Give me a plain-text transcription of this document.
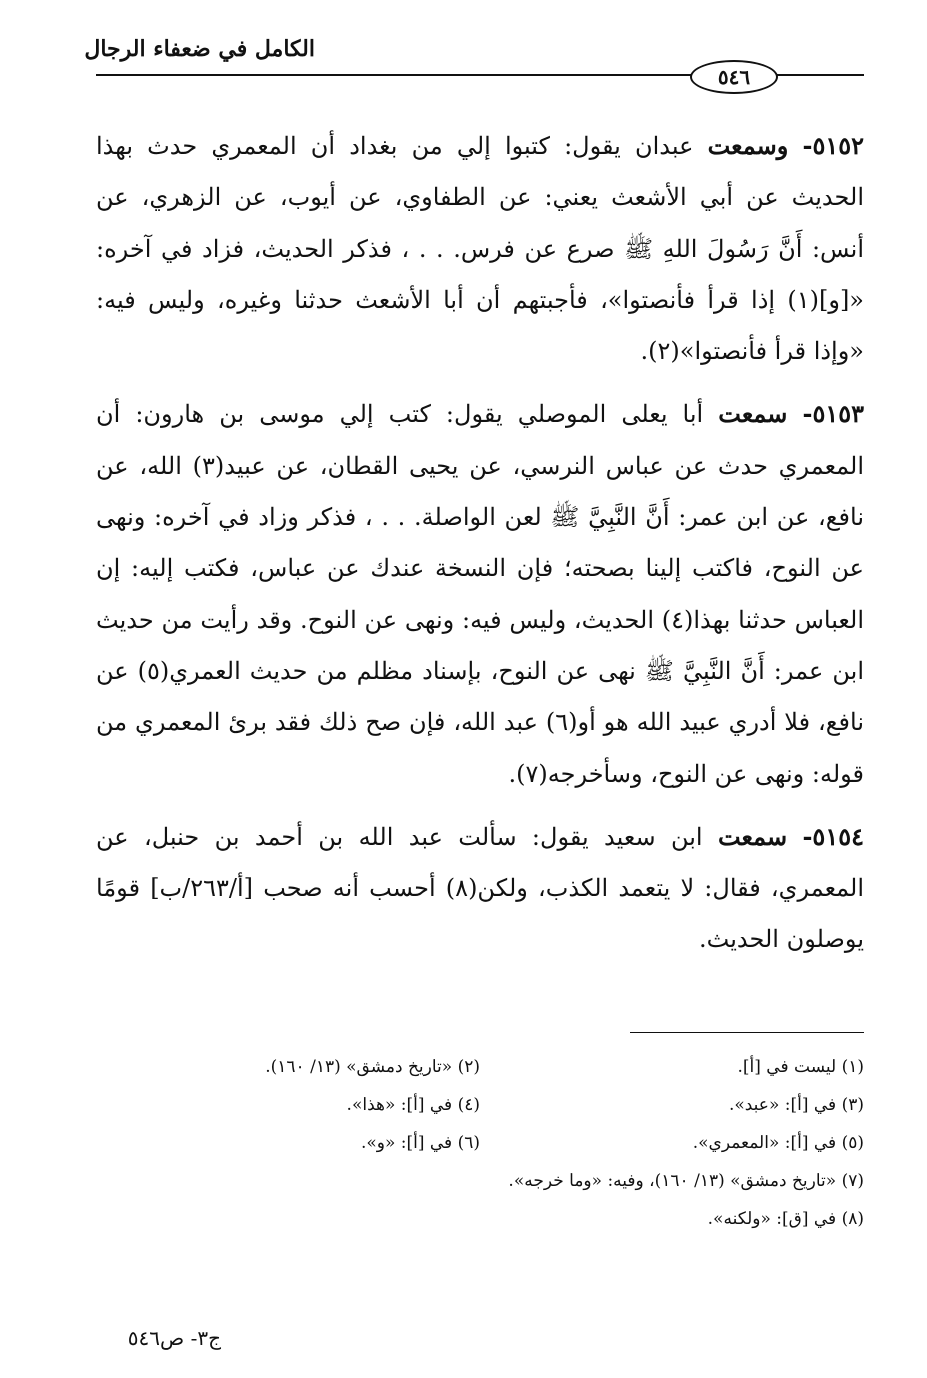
الكامل في ضعفاء الرجال
٥٤٦

٥١٥٢- وسمعت عبدان يقول: كتبوا إلي من بغداد أن المعمري حدث بهذا الحديث عن أبي الأشعث يعني: عن الطفاوي، عن أيوب، عن الزهري، عن أنس: أَنَّ رَسُولَ اللهِ ﷺ صرع عن فرس. . . ، فذكر الحديث، فزاد في آخره: «[و](١) إذا قرأ فأنصتوا»، فأجبتهم أن أبا الأشعث حدثنا وغيره، وليس فيه: «وإذا قرأ فأنصتوا»(٢).

٥١٥٣- سمعت أبا يعلى الموصلي يقول: كتب إلي موسى بن هارون: أن المعمري حدث عن عباس النرسي، عن يحيى القطان، عن عبيد(٣) الله، عن نافع، عن ابن عمر: أَنَّ النَّبِيَّ ﷺ لعن الواصلة. . . ، فذكر وزاد في آخره: ونهى عن النوح، فاكتب إلينا بصحته؛ فإن النسخة عندك عن عباس، فكتب إليه: إن العباس حدثنا بهذا(٤) الحديث، وليس فيه: ونهى عن النوح. وقد رأيت من حديث ابن عمر: أَنَّ النَّبِيَّ ﷺ نهى عن النوح، بإسناد مظلم من حديث العمري(٥) عن نافع، فلا أدري عبيد الله هو أو(٦) عبد الله، فإن صح ذلك فقد برئ المعمري من قوله: ونهى عن النوح، وسأخرجه(٧).

٥١٥٤- سمعت ابن سعيد يقول: سألت عبد الله بن أحمد بن حنبل، عن المعمري، فقال: لا يتعمد الكذب، ولكن(٨) أحسب أنه صحب [أ/٢٦٣/ب] قومًا يوصلون الحديث.

(١) ليست في [أ].
(٢) «تاريخ دمشق» (١٣/ ١٦٠).
(٣) في [أ]: «عبد».
(٤) في [أ]: «هذا».
(٥) في [أ]: «المعمري».
(٦) في [أ]: «و».
(٧) «تاريخ دمشق» (١٣/ ١٦٠)، وفيه: «وما خرجه».
(٨) في [ق]: «ولكنه».
ج٣- ص٥٤٦
